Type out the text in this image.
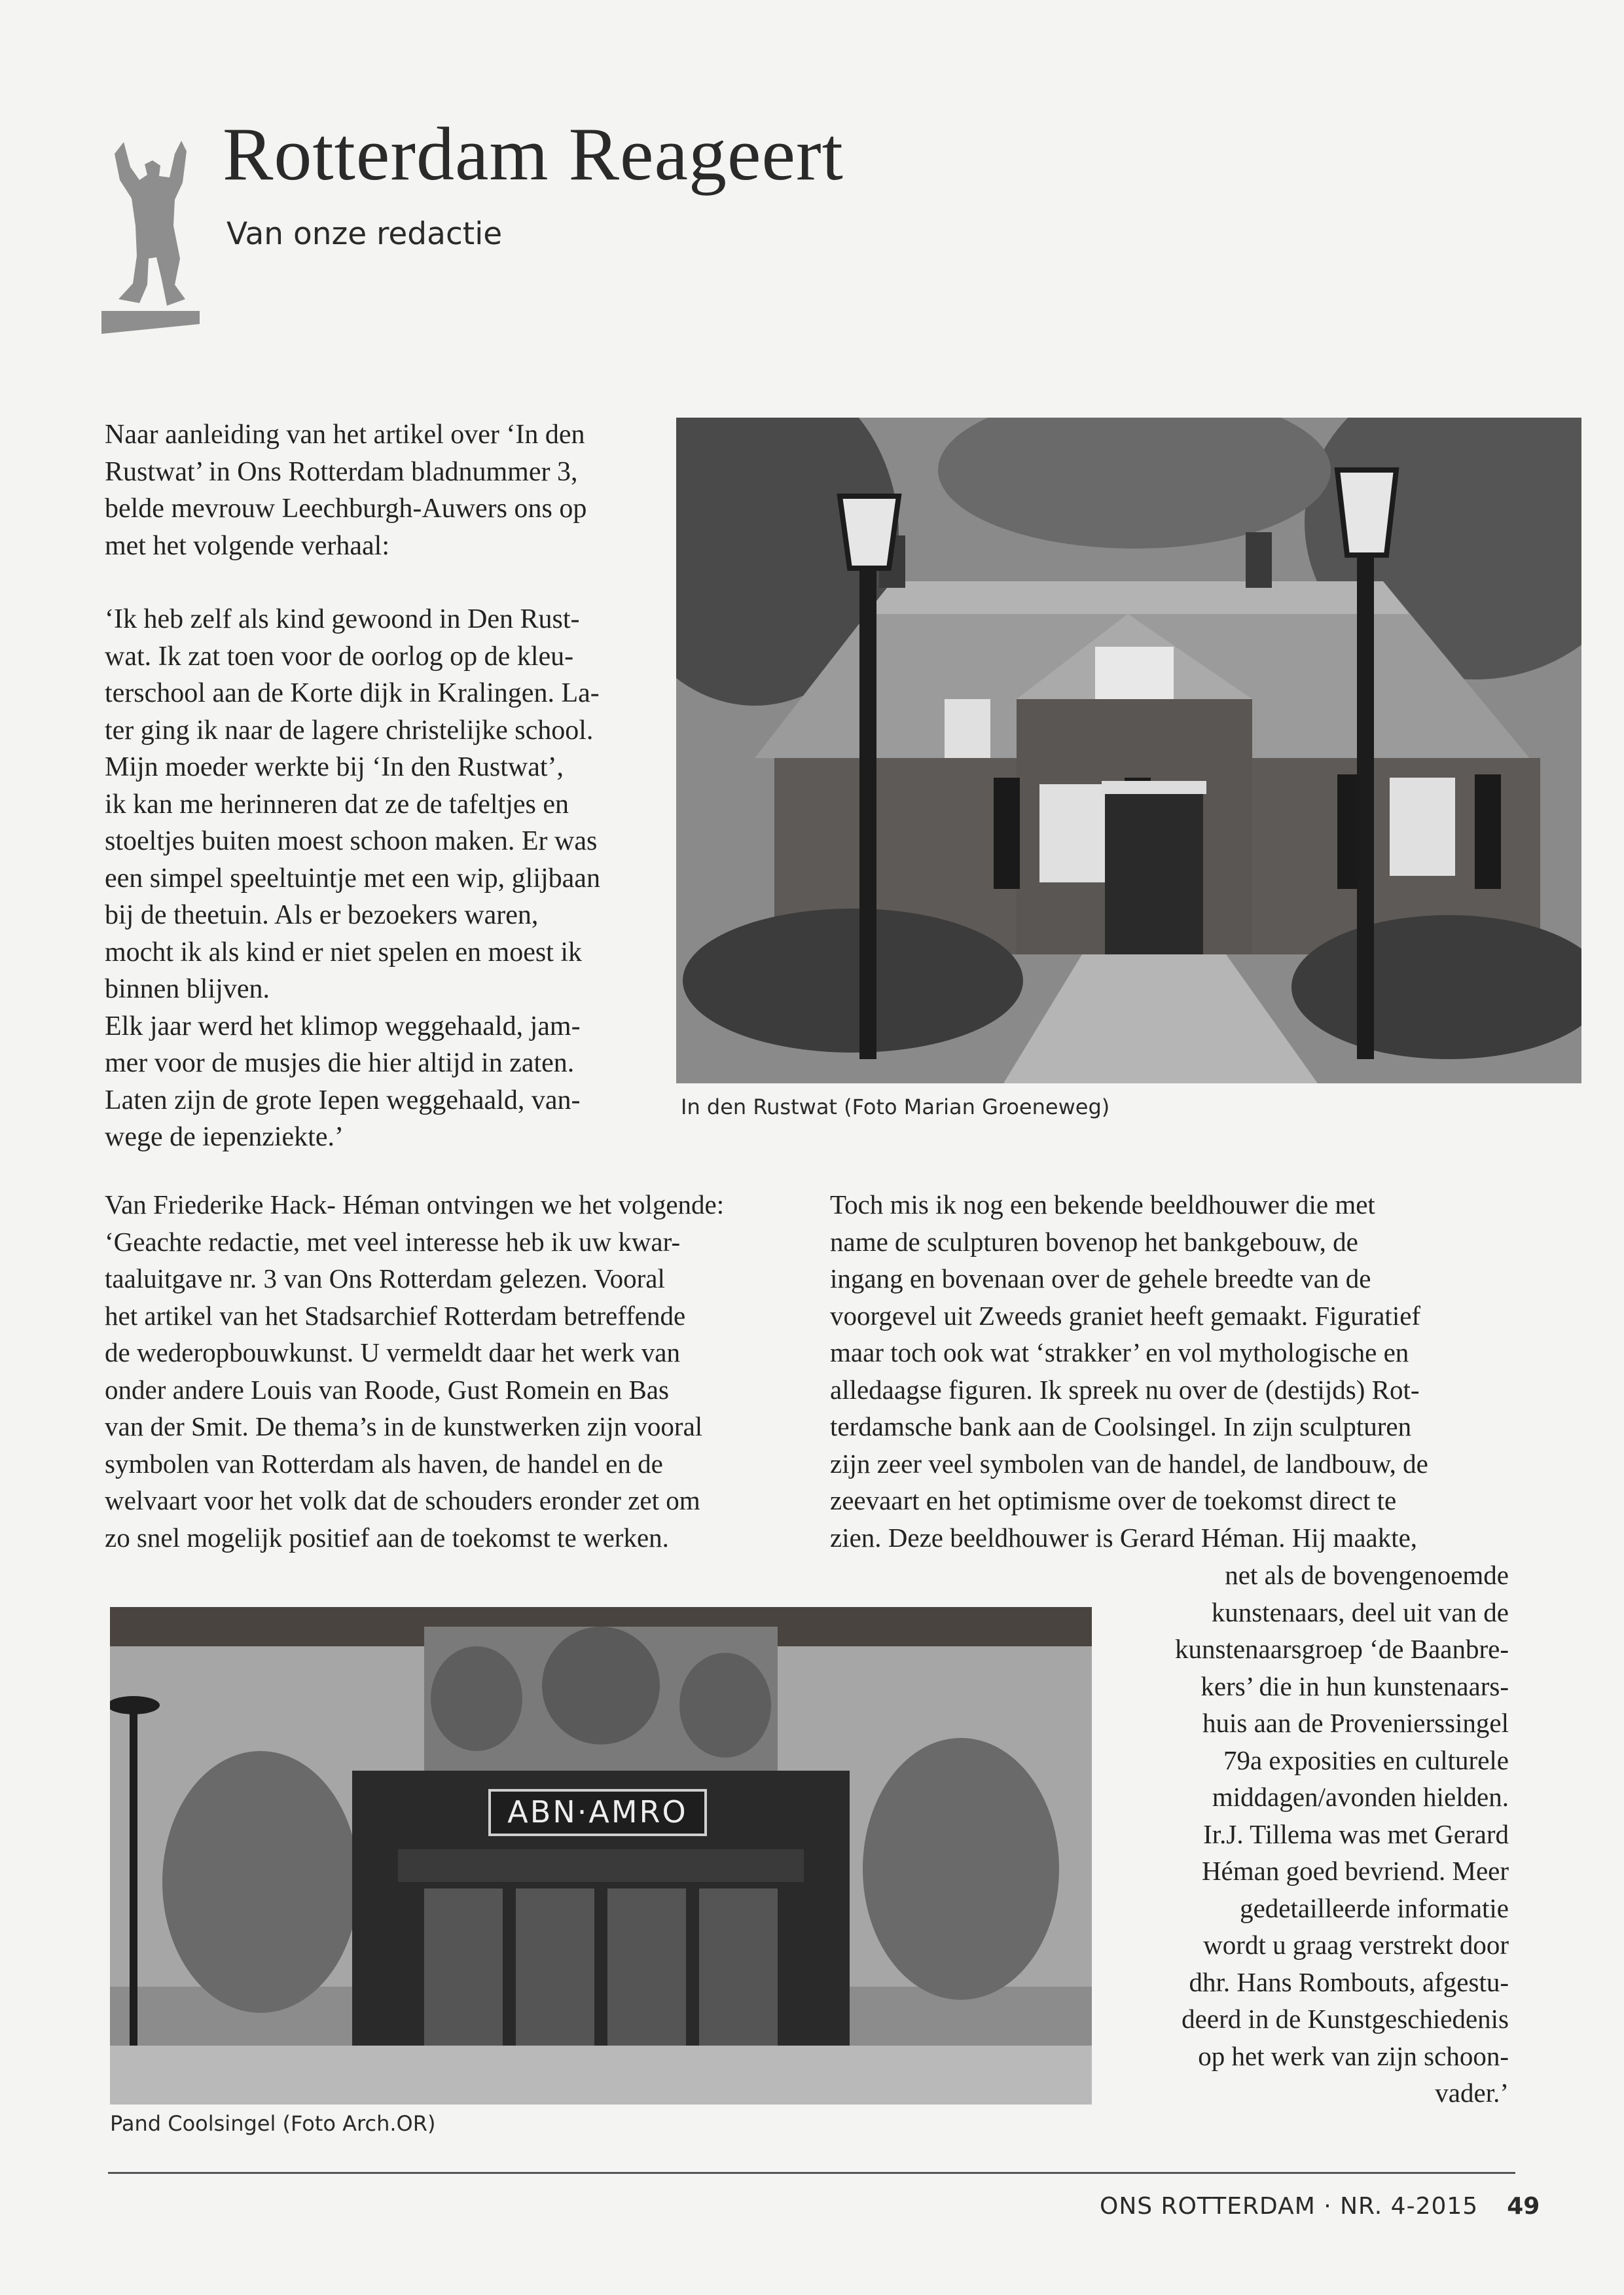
Rotterdam Reageert
Van onze redactie
Naar aanleiding van het artikel over ‘In den
Rustwat’ in Ons Rotterdam bladnummer 3,
belde mevrouw Leechburgh-Auwers ons op
met het volgende verhaal:
‘Ik heb zelf als kind gewoond in Den Rust-
wat. Ik zat toen voor de oorlog op de kleu-
terschool aan de Korte dijk in Kralingen. La-
ter ging ik naar de lagere christelijke school.
Mijn moeder werkte bij ‘In den Rustwat’,
ik kan me herinneren dat ze de tafeltjes en
stoeltjes buiten moest schoon maken. Er was
een simpel speeltuintje met een wip, glijbaan
bij de theetuin. Als er bezoekers waren,
mocht ik als kind er niet spelen en moest ik
binnen blijven.
Elk jaar werd het klimop weggehaald, jam-
mer voor de musjes die hier altijd in zaten.
Laten zijn de grote Iepen weggehaald, van-
wege de iepenziekte.’
In den Rustwat (Foto Marian Groeneweg)
Van Friederike Hack- Héman ontvingen we het volgende:
‘Geachte redactie, met veel interesse heb ik uw kwar-
taaluitgave nr. 3 van Ons Rotterdam gelezen. Vooral
het artikel van het Stadsarchief Rotterdam betreffende
de wederopbouwkunst. U vermeldt daar het werk van
onder andere Louis van Roode, Gust Romein en Bas
van der Smit. De thema’s in de kunstwerken zijn vooral
symbolen van Rotterdam als haven, de handel en de
welvaart voor het volk dat de schouders eronder zet om
zo snel mogelijk positief aan de toekomst te werken.
Toch mis ik nog een bekende beeldhouwer die met
name de sculpturen bovenop het bankgebouw, de
ingang en bovenaan over de gehele breedte van de
voorgevel uit Zweeds graniet heeft gemaakt. Figuratief
maar toch ook wat ‘strakker’ en vol mythologische en
alledaagse figuren. Ik spreek nu over de (destijds) Rot-
terdamsche bank aan de Coolsingel. In zijn sculpturen
zijn zeer veel symbolen van de handel, de landbouw, de
zeevaart en het optimisme over de toekomst direct te
zien. Deze beeldhouwer is Gerard Héman. Hij maakte,
net als de bovengenoemde
kunstenaars, deel uit van de
kunstenaarsgroep ‘de Baanbre-
kers’ die in hun kunstenaars-
huis aan de Provenierssingel
79a exposities en culturele
middagen/avonden hielden.
Ir.J. Tillema was met Gerard
Héman goed bevriend. Meer
gedetailleerde informatie
wordt u graag verstrekt door
dhr. Hans Rombouts, afgestu-
deerd in de Kunstgeschiedenis
op het werk van zijn schoon-
vader.’
ABN·AMRO
Pand Coolsingel (Foto Arch.OR)
ONS ROTTERDAM · NR. 4-2015 49
